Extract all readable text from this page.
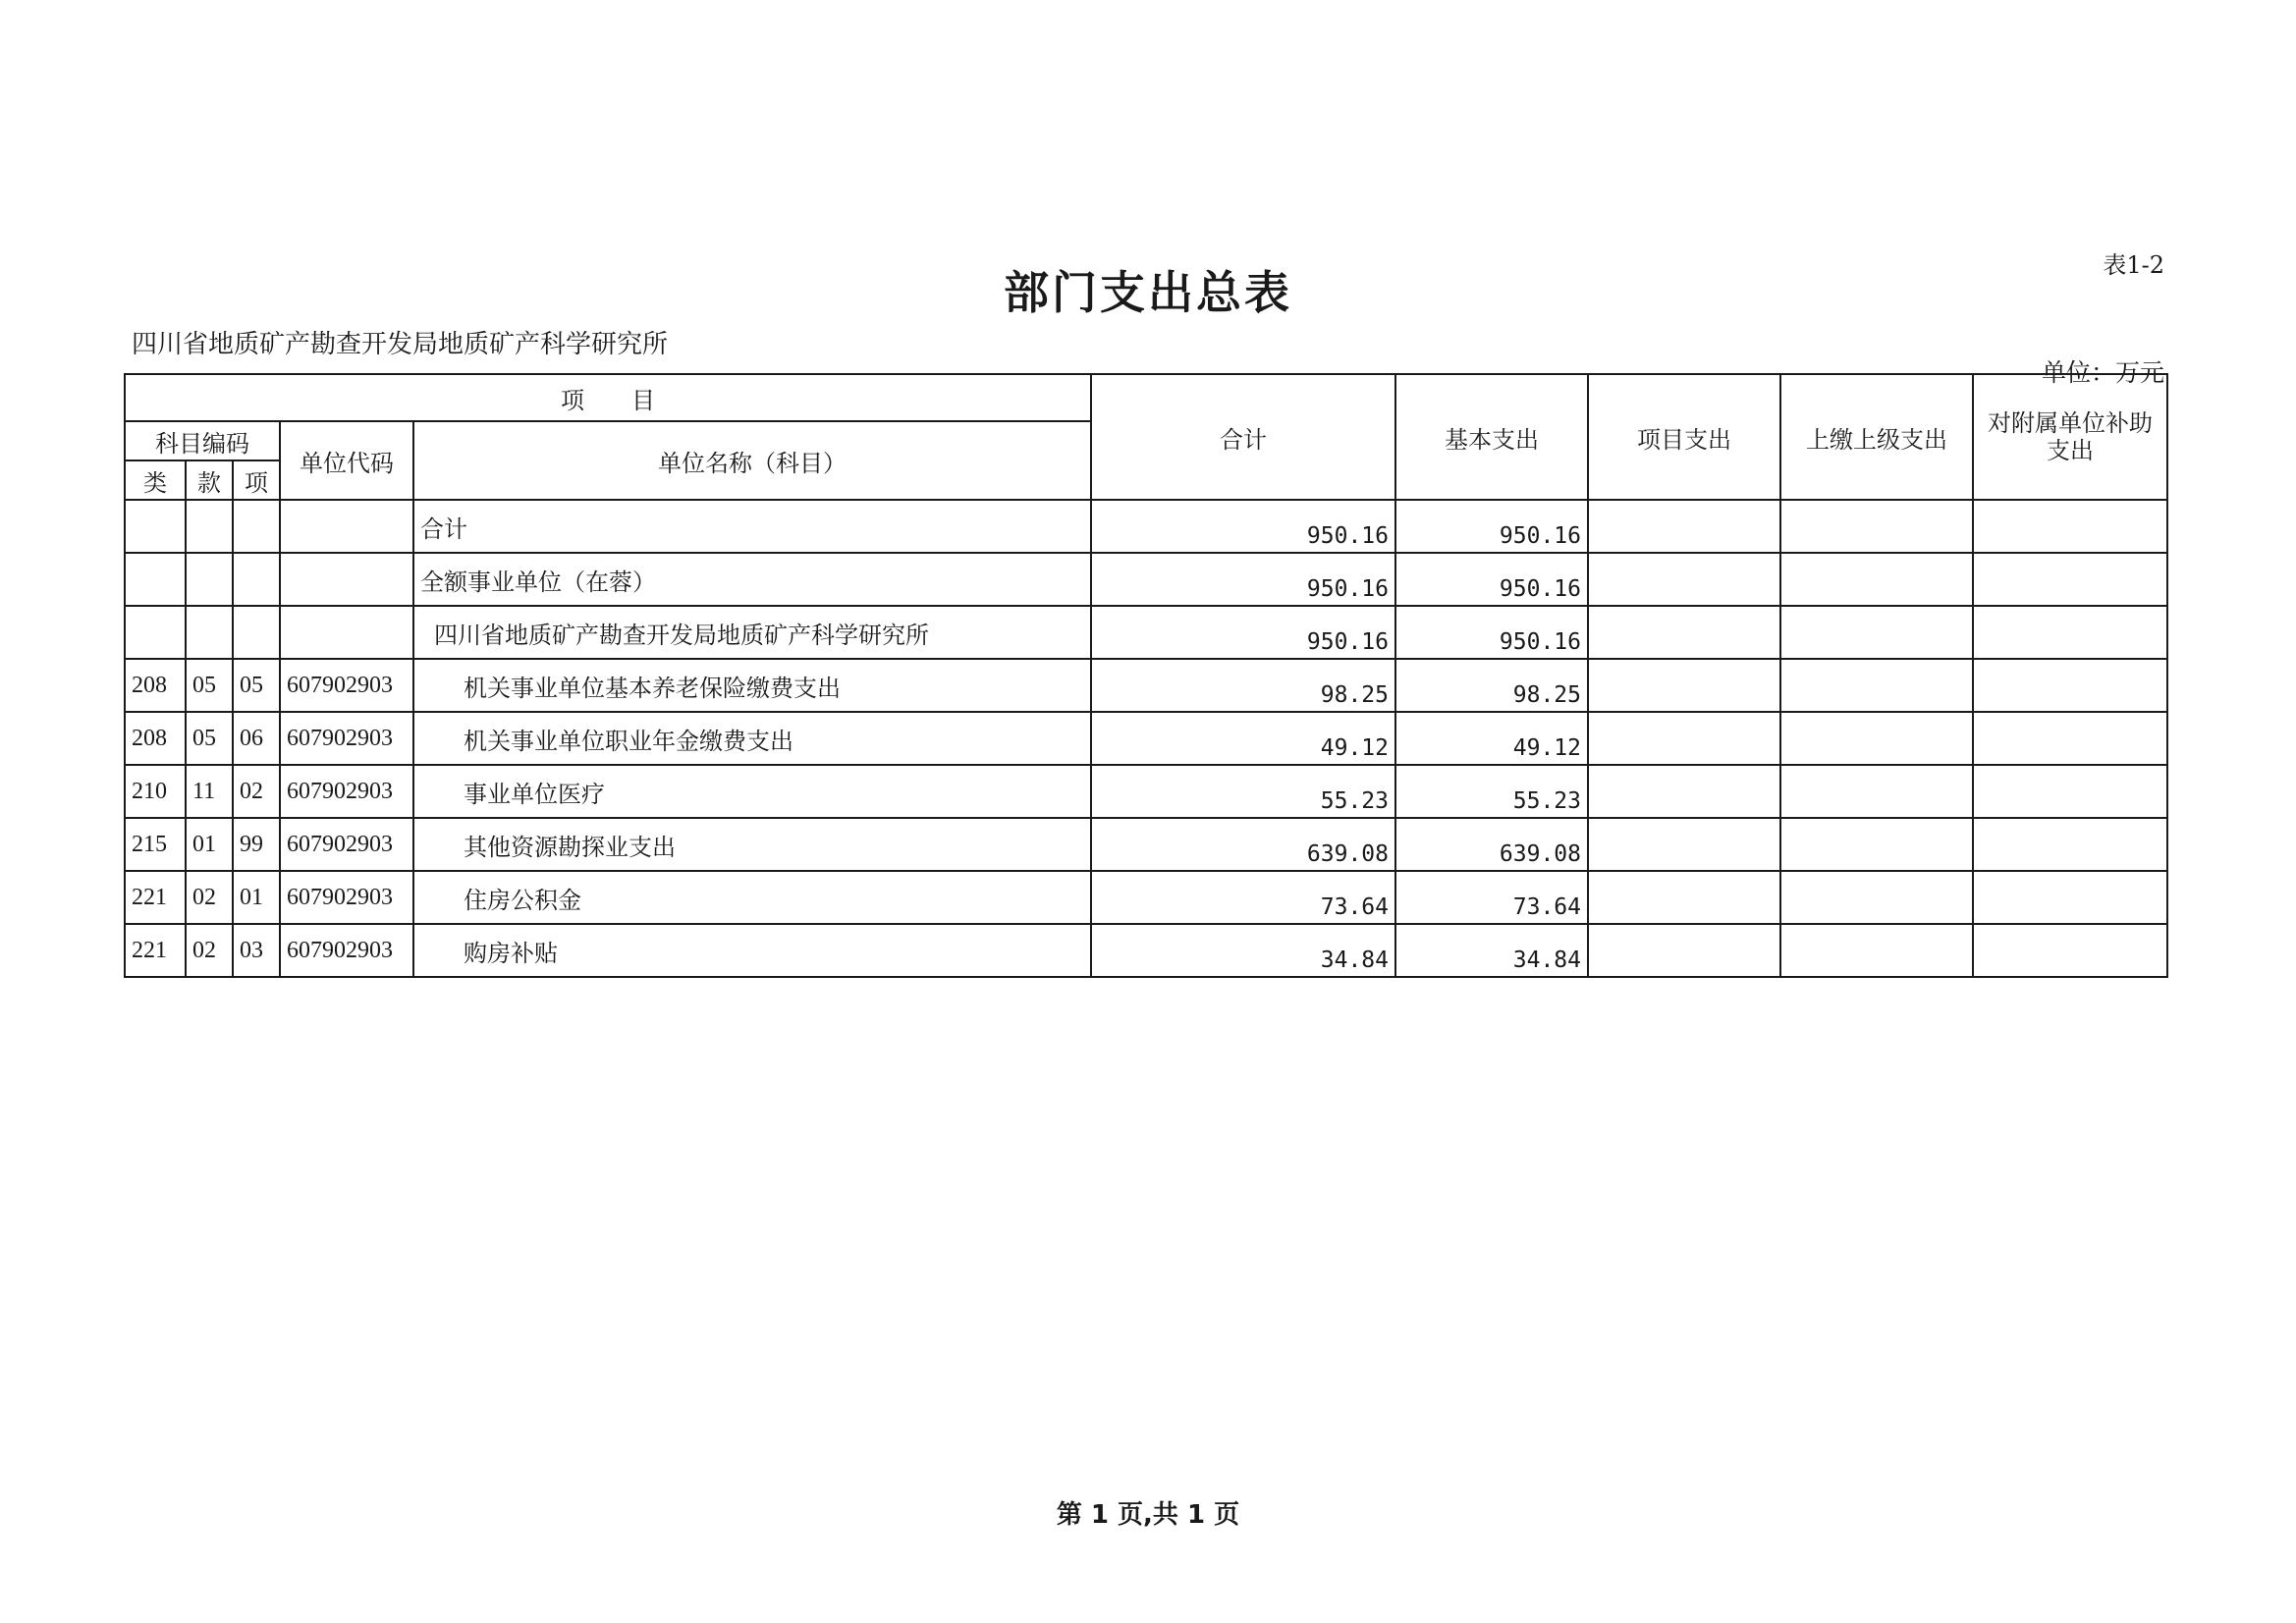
表1-2
部门支出总表
四川省地质矿产勘查开发局地质矿产科学研究所
单位：万元
项　　目					合计	基本支出	项目支出	上缴上级支出	对附属单位补助支出
科目编码			单位代码	单位名称（科目）					
类	款	项							
				合计	950.16	950.16			
				全额事业单位（在蓉）	950.16	950.16			
				四川省地质矿产勘查开发局地质矿产科学研究所	950.16	950.16			
208	05	05	607902903	机关事业单位基本养老保险缴费支出	98.25	98.25			
208	05	06	607902903	机关事业单位职业年金缴费支出	49.12	49.12			
210	11	02	607902903	事业单位医疗	55.23	55.23			
215	01	99	607902903	其他资源勘探业支出	639.08	639.08			
221	02	01	607902903	住房公积金	73.64	73.64			
221	02	03	607902903	购房补贴	34.84	34.84			
第 1 页,共 1 页
